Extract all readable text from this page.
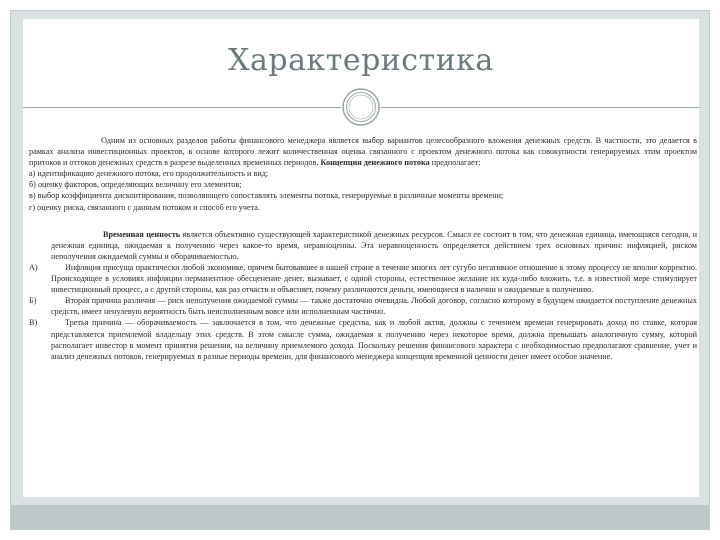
Характеристика

Одним из основных разделов работы финансового менеджера является выбор вариантов целесообразного вложения денежных средств. В частности, это делается в рамках анализа инвестиционных проектов, в основе которого лежит количественная оценка связанного с проектом денежного потока как совокупности генерируемых этим проектом притоков и оттоков денежных средств в разрезе выделенных временных периодов. Концепция денежного потока предполагает:

а) идентификацию денежного потока, его продолжительность и вид;

б) оценку факторов, определяющих величину его элементов;

в) выбор коэффициента дисконтирования, позволяющего сопоставлять элементы потока, генерируемые в различные моменты времени;

г) оценку риска, связанного с данным потоком и способ его учета.

Временная ценность является объективно существующей характеристикой денежных ресурсов. Смысл ее состоит в том, что денежная единица, имеющаяся сегодня, и денежная единица, ожидаемая к получению через какое-то время, неравноценны. Эта неравноценность определяется действием трех основных причин: инфляцией, риском неполучения ожидаемой суммы и оборачиваемостью.

А)	Инфляция присуща практически любой экономике, причем бытовавшее в нашей стране в течение многих лет сугубо негативное отношение к этому процессу не вполне корректно. Происходящее в условиях инфляции перманентное обесценение денег, вызывает, с одной стороны, естественное желание их куда-либо вложить, т.е. в известной мере стимулирует инвестиционный процесс, а с другой стороны, как раз отчасти и объясняет, почему различаются деньги, имеющиеся в наличии и ожидаемые к получению.
Б)	Вторая причина различия — риск неполучения ожидаемой суммы — также достаточно очевидна. Любой договор, согласно которому в будущем ожидается поступление денежных средств, имеет ненулевую вероятность быть неисполненным вовсе или исполненным частично.
В)	Третья причина — оборачиваемость — заключается в том, что денежные средства, как и любой актив, должны с течением времени генерировать доход по ставке, которая представляется приемлемой владельцу этих средств. В этом смысле сумма, ожидаемая к получению через некоторое время, должна превышать аналогичную сумму, которой располагает инвестор в момент принятия решения, на величину приемлемого дохода. Поскольку решения финансового характера с необходимостью предполагают сравнение, учет и анализ денежных потоков, генерируемых в разные периоды времени, для финансового менеджера концепция временной ценности денег имеет особое значение.
